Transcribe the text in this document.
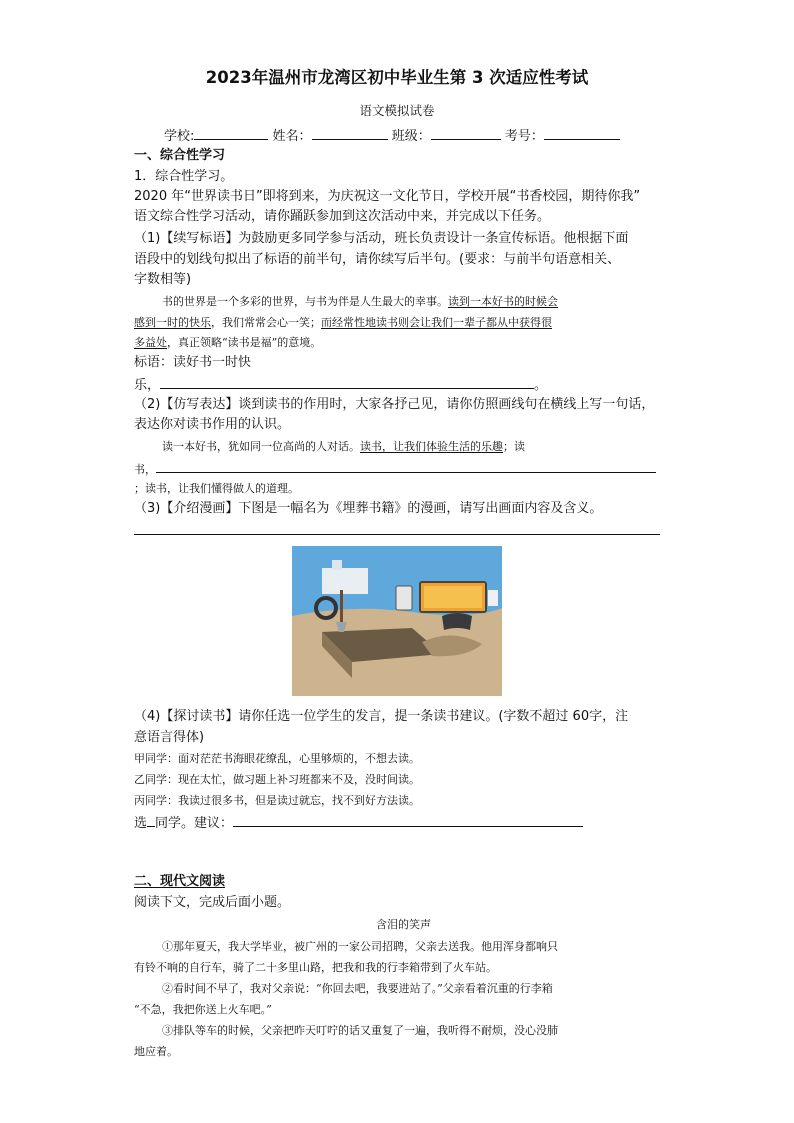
2023年温州市龙湾区初中毕业生第 3 次适应性考试
语文模拟试卷
学校:	姓名：	班级：	考号：
一、综合性学习
1．综合性学习。
2020 年“世界读书日”即将到来，为庆祝这一文化节日，学校开展“书香校园，期待你我”
语文综合性学习活动，请你踊跃参加到这次活动中来，并完成以下任务。
（1)【续写标语】为鼓励更多同学参与活动，班长负责设计一条宣传标语。他根据下面
语段中的划线句拟出了标语的前半句，请你续写后半句。(要求：与前半句语意相关、
字数相等)
书的世界是一个多彩的世界，与书为伴是人生最大的幸事。读到一本好书的时候会
感到一时的快乐，我们常常会心一笑；而经常性地读书则会让我们一辈子都从中获得很
多益处，真正领略“读书是福”的意境。
标语：读好书一时快
乐，	。
（2)【仿写表达】谈到读书的作用时，大家各抒己见，请你仿照画线句在横线上写一句话，
表达你对读书作用的认识。
读一本好书，犹如同一位高尚的人对话。读书，让我们体验生活的乐趣；读
书，
；读书，让我们懂得做人的道理。
（3)【介绍漫画】下图是一幅名为《埋葬书籍》的漫画，请写出画面内容及含义。
（4)【探讨读书】请你任选一位学生的发言，提一条读书建议。(字数不超过 60字，注
意语言得体)
甲同学：面对茫茫书海眼花缭乱，心里够烦的，不想去读。
乙同学：现在太忙，做习题上补习班都来不及，没时间读。
丙同学：我读过很多书，但是读过就忘，找不到好方法读。
选 同学。建议：
二、现代文阅读
阅读下文，完成后面小题。
含泪的笑声
①那年夏天，我大学毕业，被广州的一家公司招聘，父亲去送我。他用浑身都响只
有铃不响的自行车，骑了二十多里山路，把我和我的行李箱带到了火车站。
②看时间不早了，我对父亲说：“你回去吧，我要进站了。”父亲看着沉重的行李箱
“不急，我把你送上火车吧。”
③排队等车的时候，父亲把昨天叮咛的话又重复了一遍，我听得不耐烦，没心没肺
地应着。
